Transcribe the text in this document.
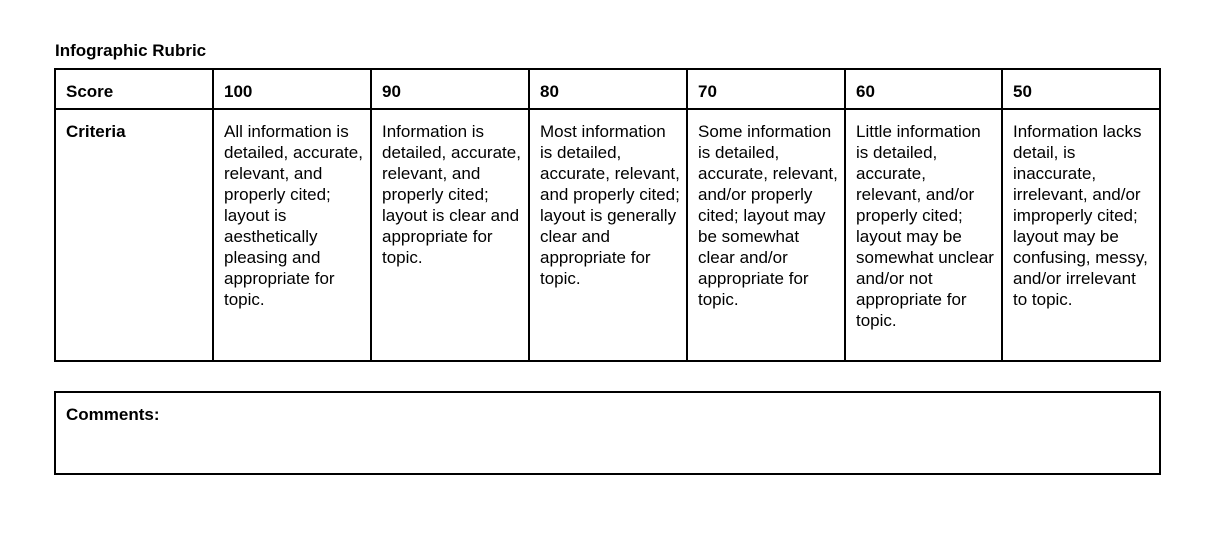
Infographic Rubric
Score	100	90	80	70	60	50
Criteria	All information is detailed, accurate, relevant, and properly cited; layout is aesthetically pleasing and appropriate for topic.	Information is detailed, accurate, relevant, and properly cited; layout is clear and appropriate for topic.	Most information is detailed, accurate, relevant, and properly cited; layout is generally clear and appropriate for topic.	Some information is detailed, accurate, relevant, and/or properly cited; layout may be somewhat clear and/or appropriate for topic.	Little information is detailed, accurate, relevant, and/or properly cited; layout may be somewhat unclear and/or not appropriate for topic.	Information lacks detail, is inaccurate, irrelevant, and/or improperly cited; layout may be confusing, messy, and/or irrelevant to topic.
Comments:
